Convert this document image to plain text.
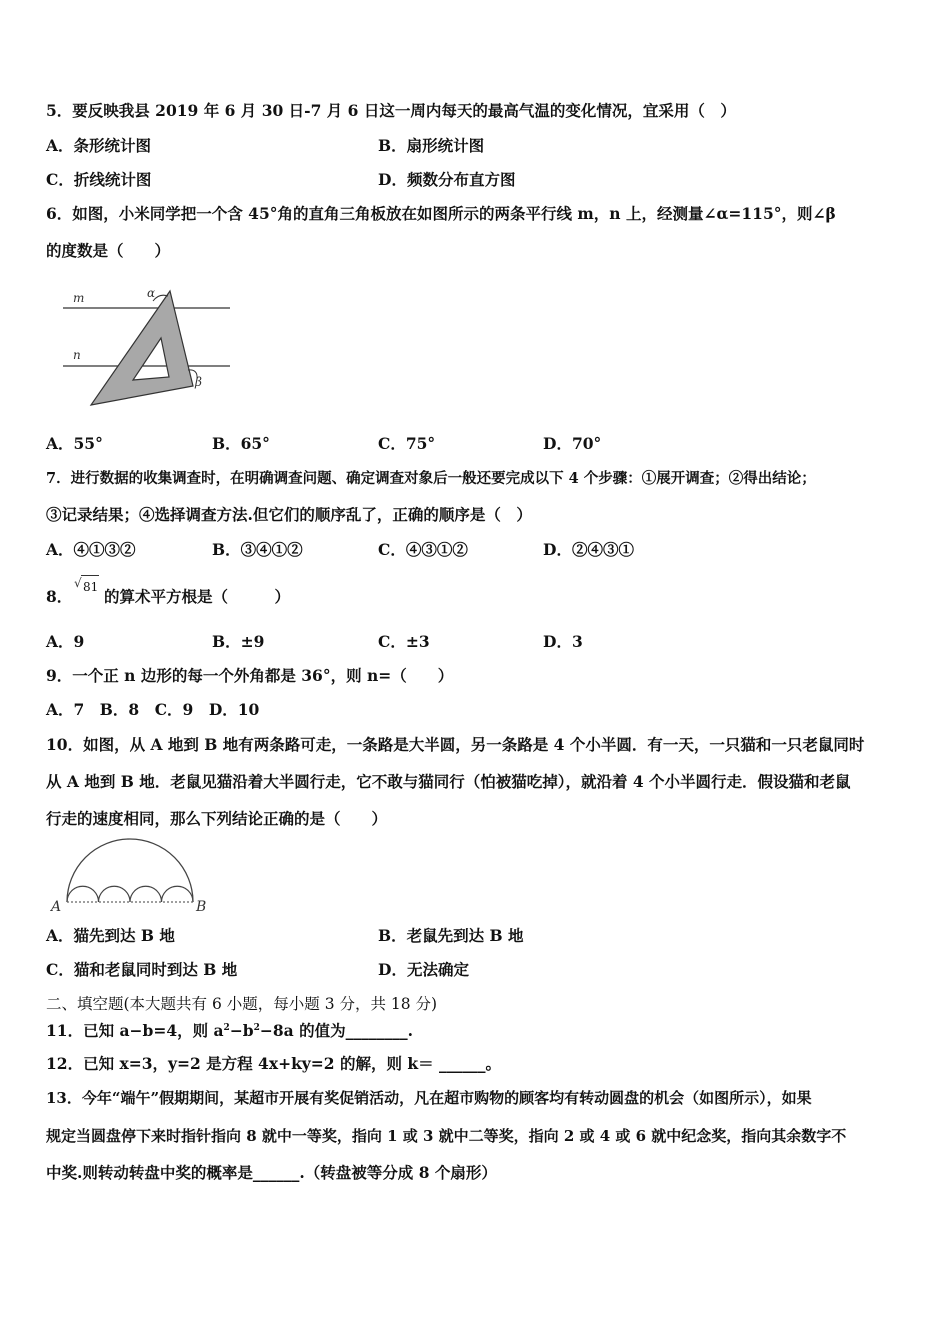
5．要反映我县 2019 年 6 月 30 日-7 月 6 日这一周内每天的最高气温的变化情况，宜采用（　）
A．条形统计图	B．扇形统计图
C．折线统计图	D．频数分布直方图
6．如图，小米同学把一个含 45°角的直角三角板放在如图所示的两条平行线 m，n 上，经测量∠α=115°，则∠β
的度数是（　　）
m
n
α
β
A．55°	B．65°	C．75°	D．70°
7．进行数据的收集调查时，在明确调查问题、确定调查对象后一般还要完成以下 4 个步骤：①展开调查；②得出结论；
③记录结果；④选择调查方法.但它们的顺序乱了，正确的顺序是（　）
A．④①③②	B．③④①②	C．④③①②	D．②④③①
8．
√ 81 的算术平方根是（　　　）
A．9	B．±9	C．±3	D．3
9．一个正 n 边形的每一个外角都是 36°，则 n=（　　）
A．7　B．8　C．9　D．10
10．如图，从 A 地到 B 地有两条路可走，一条路是大半圆，另一条路是 4 个小半圆．有一天，一只猫和一只老鼠同时
从 A 地到 B 地．老鼠见猫沿着大半圆行走，它不敢与猫同行（怕被猫吃掉），就沿着 4 个小半圆行走．假设猫和老鼠
行走的速度相同，那么下列结论正确的是（　　）
A	B
A．猫先到达 B 地	B．老鼠先到达 B 地
C．猫和老鼠同时到达 B 地	D．无法确定
二、填空题(本大题共有 6 小题，每小题 3 分，共 18 分)
11．已知 a−b=4，则 $a^2-b^2-8a$ 的值为________.
12．已知 x=3，y=2 是方程 4x+ky=2 的解，则 k＝ ______。
13．今年“端午”假期期间，某超市开展有奖促销活动，凡在超市购物的顾客均有转动圆盘的机会（如图所示），如果
规定当圆盘停下来时指针指向 8 就中一等奖，指向 1 或 3 就中二等奖，指向 2 或 4 或 6 就中纪念奖，指向其余数字不
中奖.则转动转盘中奖的概率是______.（转盘被等分成 8 个扇形）
